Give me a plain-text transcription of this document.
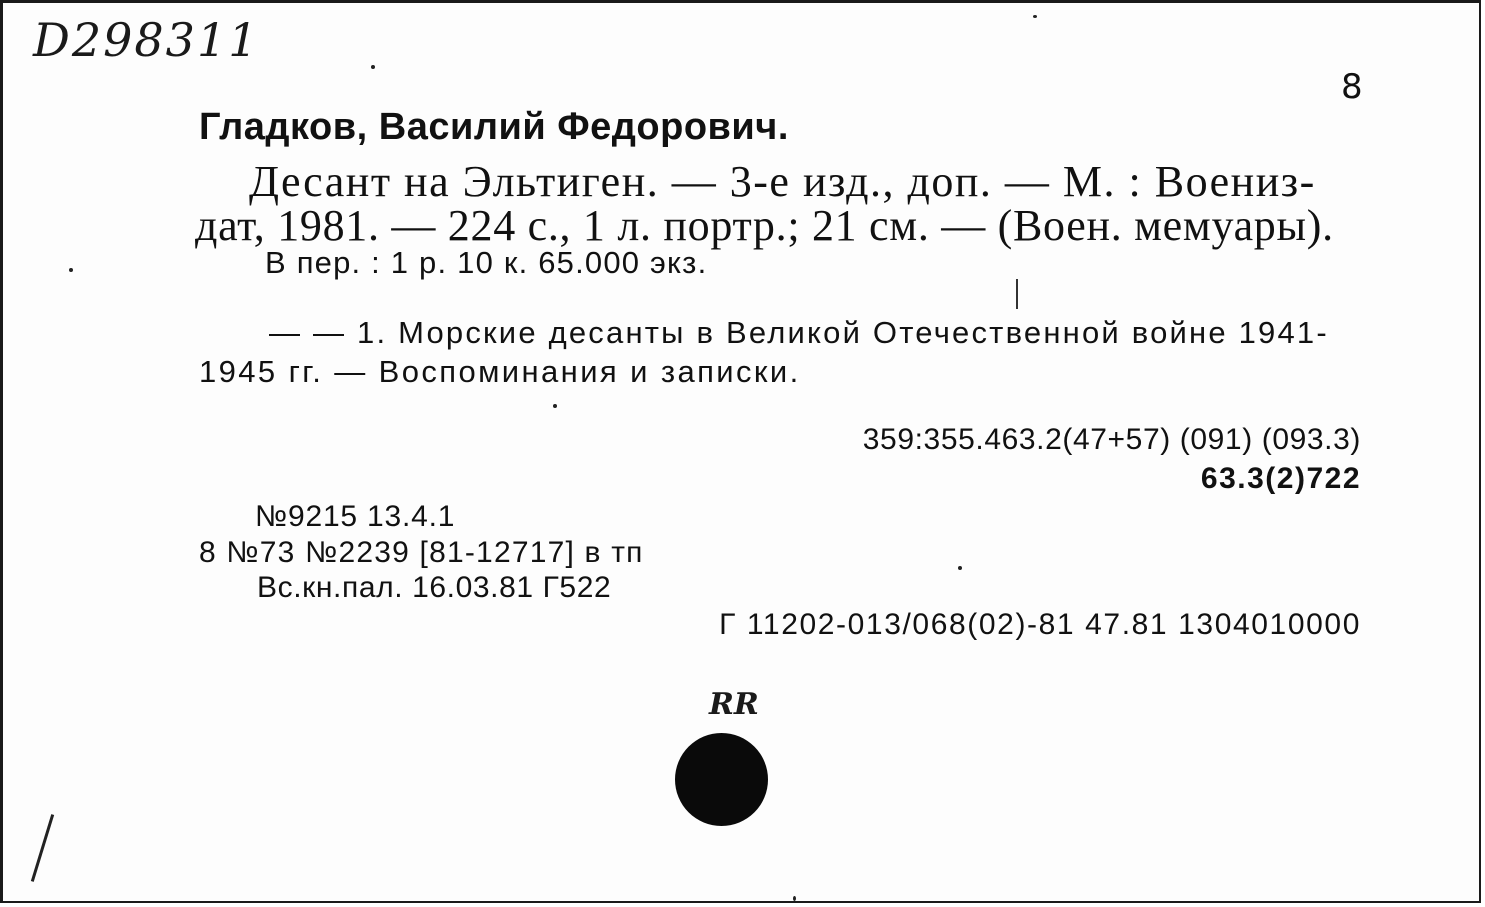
D298311
8
Гладков, Василий Федорович.
Десант на Эльтиген. — 3-е изд., доп. — М. : Воениз-
дат, 1981. — 224 с., 1 л. портр.; 21 см. — (Воен. мемуары).
В пер. : 1 р. 10 к. 65.000 экз.
— — 1. Морские десанты в Великой Отечественной войне 1941-
1945 гг. — Воспоминания и записки.
359:355.463.2(47+57) (091) (093.3)
63.3(2)722
№9215 13.4.1
8 №73 №2239 [81-12717] в тп
Вс.кн.пал. 16.03.81 Г522
Г 11202-013/068(02)-81 47.81 1304010000
RR
